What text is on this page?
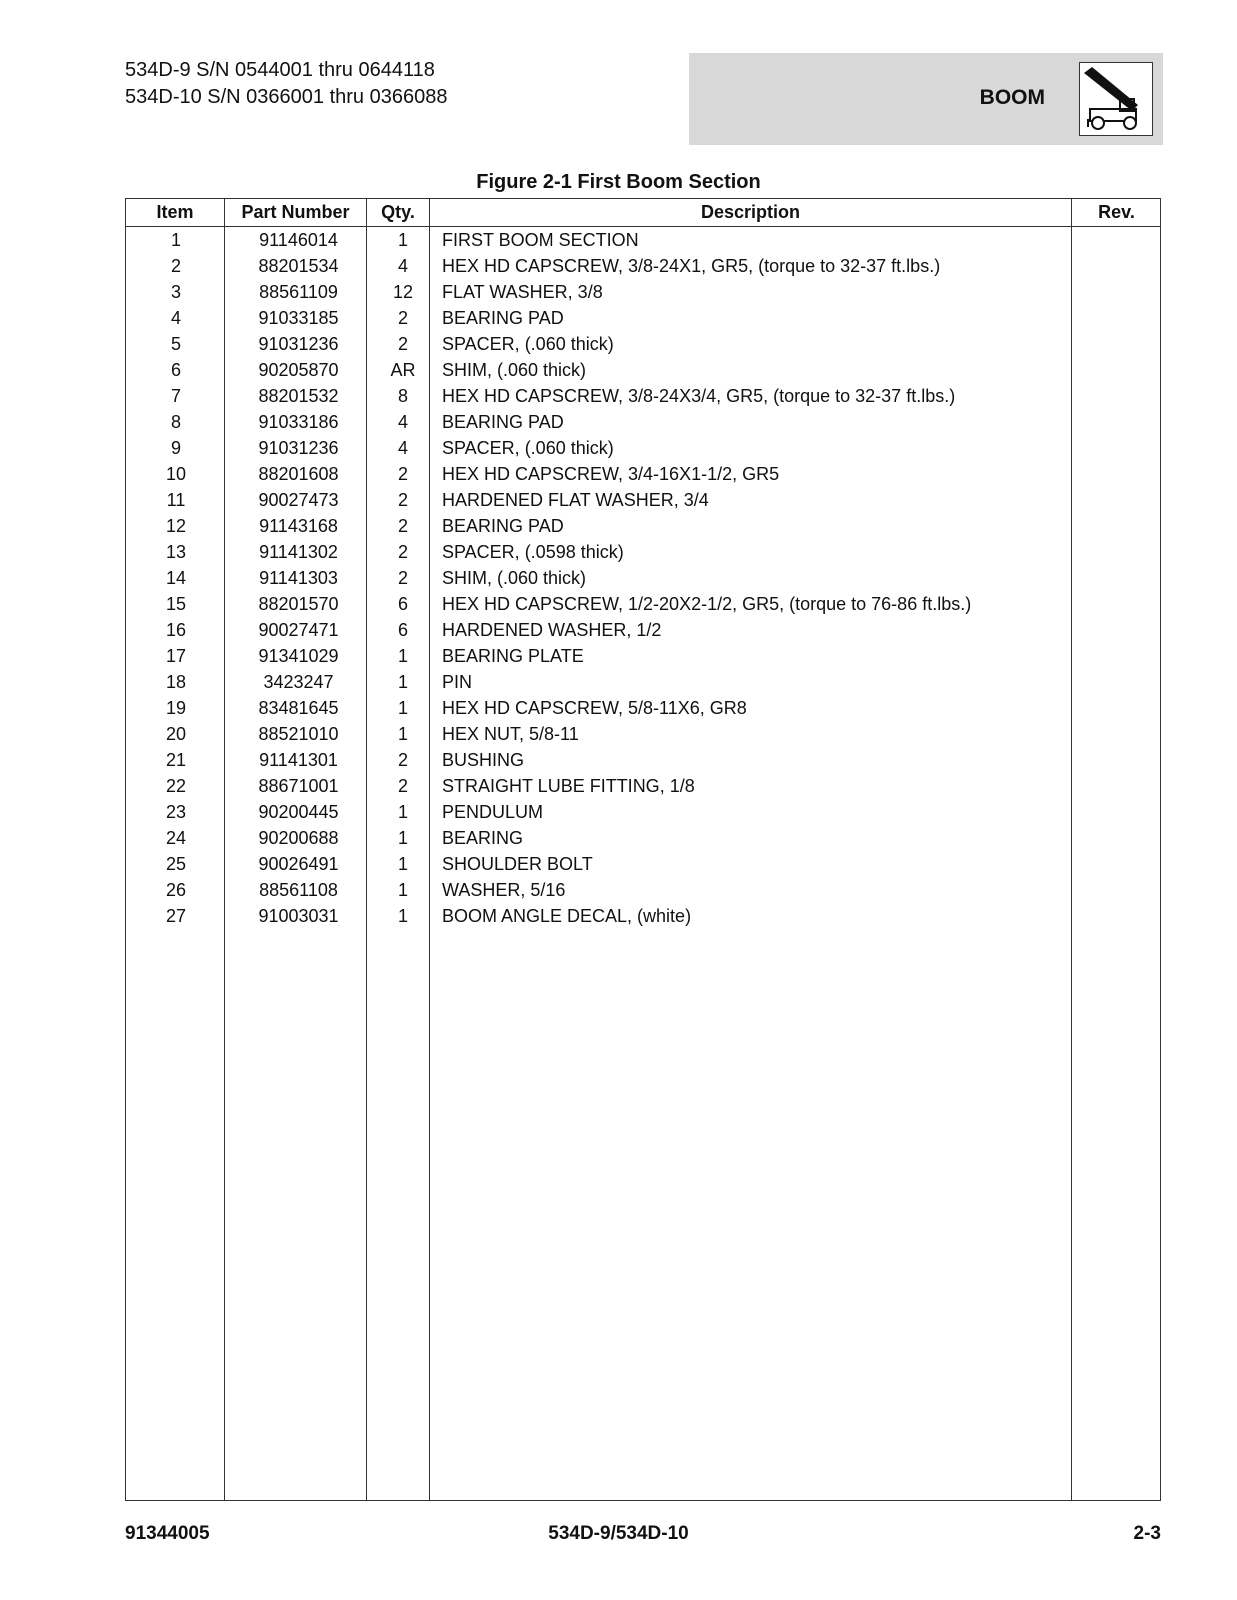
534D-9 S/N 0544001 thru 0644118
534D-10 S/N 0366001 thru 0366088	BOOM
Figure 2-1 First Boom Section
Item	Part Number	Qty.	Description	Rev.
1	91146014	1	FIRST BOOM SECTION
2	88201534	4	HEX HD CAPSCREW, 3/8-24X1, GR5, (torque to 32-37 ft.lbs.)
3	88561109	12	FLAT WASHER, 3/8
4	91033185	2	BEARING PAD
5	91031236	2	SPACER, (.060 thick)
6	90205870	AR	SHIM, (.060 thick)
7	88201532	8	HEX HD CAPSCREW, 3/8-24X3/4, GR5, (torque to 32-37 ft.lbs.)
8	91033186	4	BEARING PAD
9	91031236	4	SPACER, (.060 thick)
10	88201608	2	HEX HD CAPSCREW, 3/4-16X1-1/2, GR5
11	90027473	2	HARDENED FLAT WASHER, 3/4
12	91143168	2	BEARING PAD
13	91141302	2	SPACER, (.0598 thick)
14	91141303	2	SHIM, (.060 thick)
15	88201570	6	HEX HD CAPSCREW, 1/2-20X2-1/2, GR5, (torque to 76-86 ft.lbs.)
16	90027471	6	HARDENED WASHER, 1/2
17	91341029	1	BEARING PLATE
18	3423247	1	PIN
19	83481645	1	HEX HD CAPSCREW, 5/8-11X6, GR8
20	88521010	1	HEX NUT, 5/8-11
21	91141301	2	BUSHING
22	88671001	2	STRAIGHT LUBE FITTING, 1/8
23	90200445	1	PENDULUM
24	90200688	1	BEARING
25	90026491	1	SHOULDER BOLT
26	88561108	1	WASHER, 5/16
27	91003031	1	BOOM ANGLE DECAL, (white)
91344005	534D-9/534D-10	2-3
